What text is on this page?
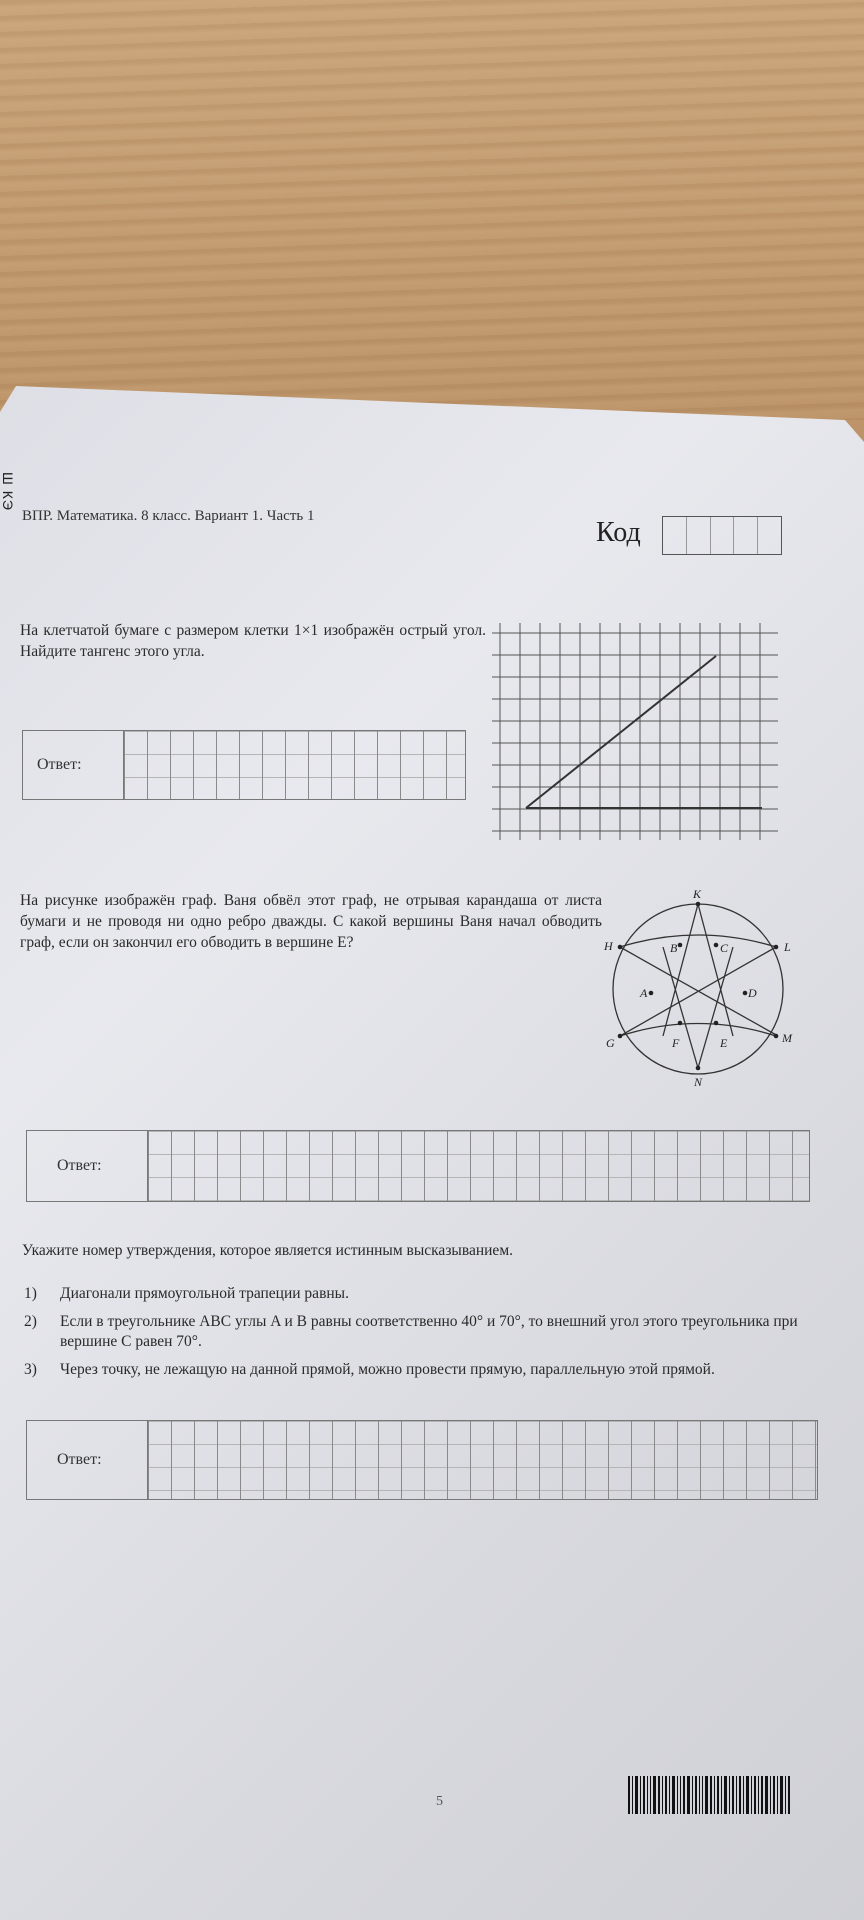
Ш КЭ
ВПР. Математика. 8 класс. Вариант 1. Часть 1
Код
На клетчатой бумаге с размером клетки 1×1 изображён острый угол. Найдите тангенс этого угла.
Ответ:
На рисунке изображён граф. Ваня обвёл этот граф, не отрывая карандаша от листа бумаги и не проводя ни одно ребро дважды. С какой вершины Ваня начал обводить граф, если он закончил его обводить в вершине E?
K
H	B	C	L
A	D
G	F	E	M
N
Ответ:
Укажите номер утверждения, которое является истинным высказыванием.
1)	Диагонали прямоугольной трапеции равны.
2)	Если в треугольнике ABC углы A и B равны соответственно 40° и 70°, то внешний угол этого треугольника при вершине C равен 70°.
3)	Через точку, не лежащую на данной прямой, можно провести прямую, параллельную этой прямой.
Ответ:
5
